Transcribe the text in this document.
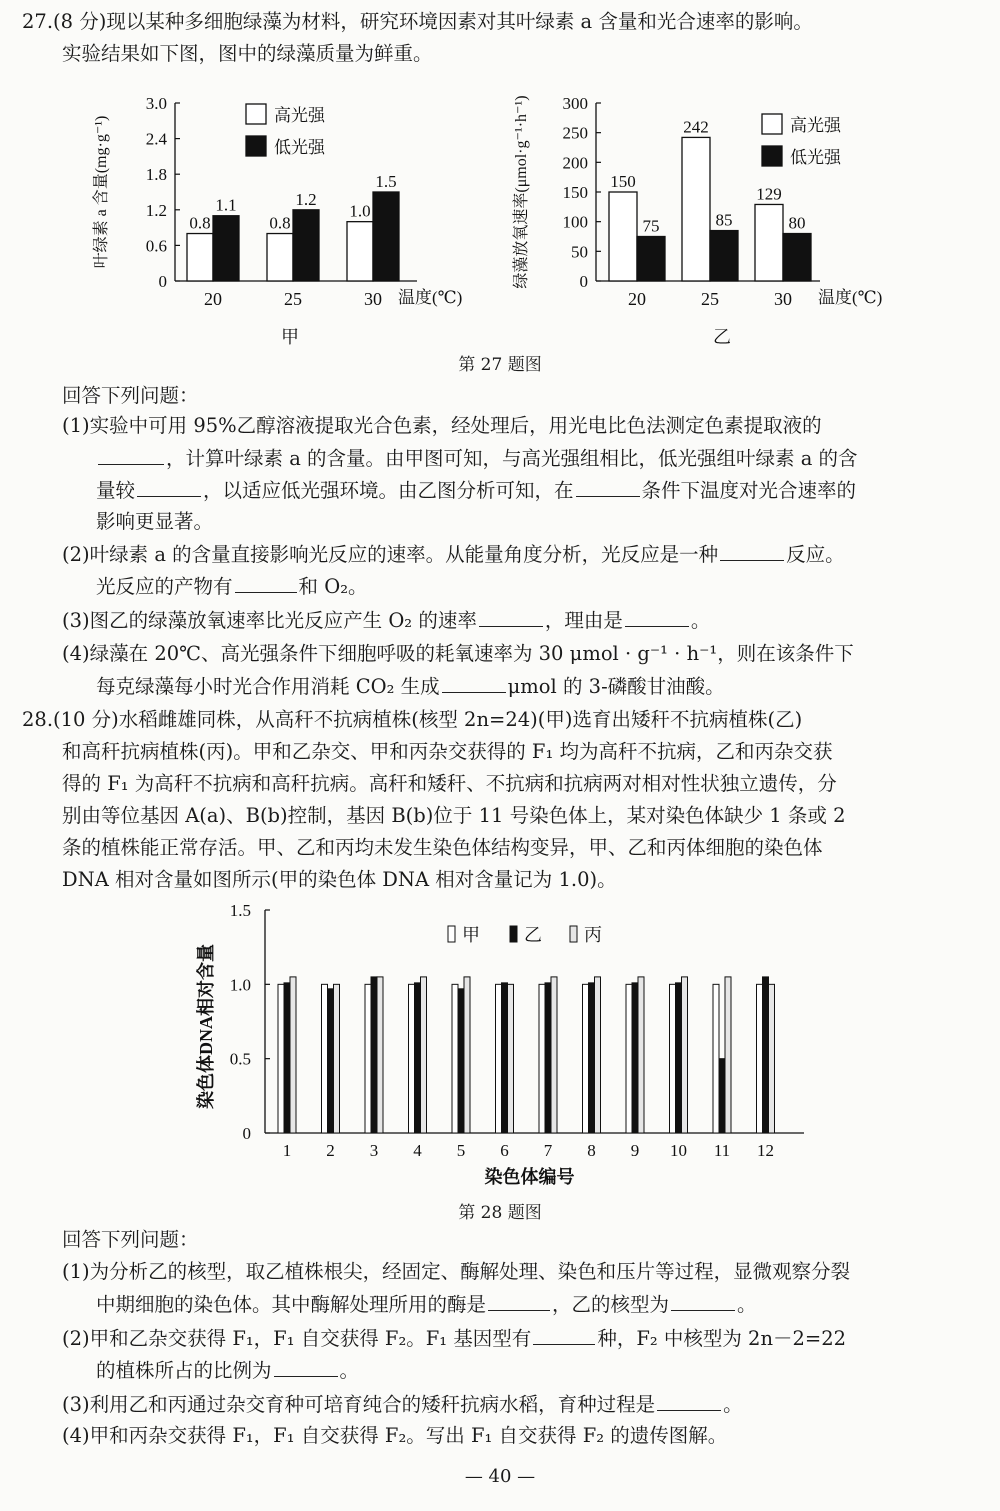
27.(8 分)现以某种多细胞绿藻为材料，研究环境因素对其叶绿素 a 含量和光合速率的影响。
实验结果如下图，图中的绿藻质量为鲜重。
0
0.6
1.2
1.8
2.4
3.0
叶绿素 a 含量(mg·g⁻¹)	0.8
1.1
20
0.8
1.2
25
1.0
1.5
30 温度(℃)
高光强
低光强
甲
0
50
100
150
200
250
300
绿藻放氧速率(μmol·g⁻¹·h⁻¹)	150
75
20
242
85
25
129
80
30 温度(℃)
高光强
低光强
乙
第 27 题图
回答下列问题：
(1)实验中可用 95%乙醇溶液提取光合色素，经处理后，用光电比色法测定色素提取液的
，计算叶绿素 a 的含量。由甲图可知，与高光强组相比，低光强组叶绿素 a 的含
量较	，以适应低光强环境。由乙图分析可知，在	条件下温度对光合速率的
影响更显著。
(2)叶绿素 a 的含量直接影响光反应的速率。从能量角度分析，光反应是一种	反应。
光反应的产物有	和 O₂。
(3)图乙的绿藻放氧速率比光反应产生 O₂ 的速率	，理由是	。
(4)绿藻在 20℃、高光强条件下细胞呼吸的耗氧速率为 30 μmol · g⁻¹ · h⁻¹，则在该条件下
每克绿藻每小时光合作用消耗 CO₂ 生成	μmol 的 3-磷酸甘油酸。
28.(10 分)水稻雌雄同株，从高秆不抗病植株(核型 2n=24)(甲)选育出矮秆不抗病植株(乙)
和高秆抗病植株(丙)。甲和乙杂交、甲和丙杂交获得的 F₁ 均为高秆不抗病，乙和丙杂交获
得的 F₁ 为高秆不抗病和高秆抗病。高秆和矮秆、不抗病和抗病两对相对性状独立遗传，分
别由等位基因 A(a)、B(b)控制，基因 B(b)位于 11 号染色体上，某对染色体缺少 1 条或 2
条的植株能正常存活。甲、乙和丙均未发生染色体结构变异，甲、乙和丙体细胞的染色体
DNA 相对含量如图所示(甲的染色体 DNA 相对含量记为 1.0)。
0
0.5
1.0
1.5
染色体DNA相对含量
1 2 3 4 5 6 7 8 9 10 11 12
染色体编号
甲 乙 丙
第 28 题图
回答下列问题：
(1)为分析乙的核型，取乙植株根尖，经固定、酶解处理、染色和压片等过程，显微观察分裂
中期细胞的染色体。其中酶解处理所用的酶是	，乙的核型为	。
(2)甲和乙杂交获得 F₁，F₁ 自交获得 F₂。F₁ 基因型有	种，F₂ 中核型为 2n－2=22
的植株所占的比例为	。
(3)利用乙和丙通过杂交育种可培育纯合的矮秆抗病水稻，育种过程是	。
(4)甲和丙杂交获得 F₁，F₁ 自交获得 F₂。写出 F₁ 自交获得 F₂ 的遗传图解。
— 40 —
